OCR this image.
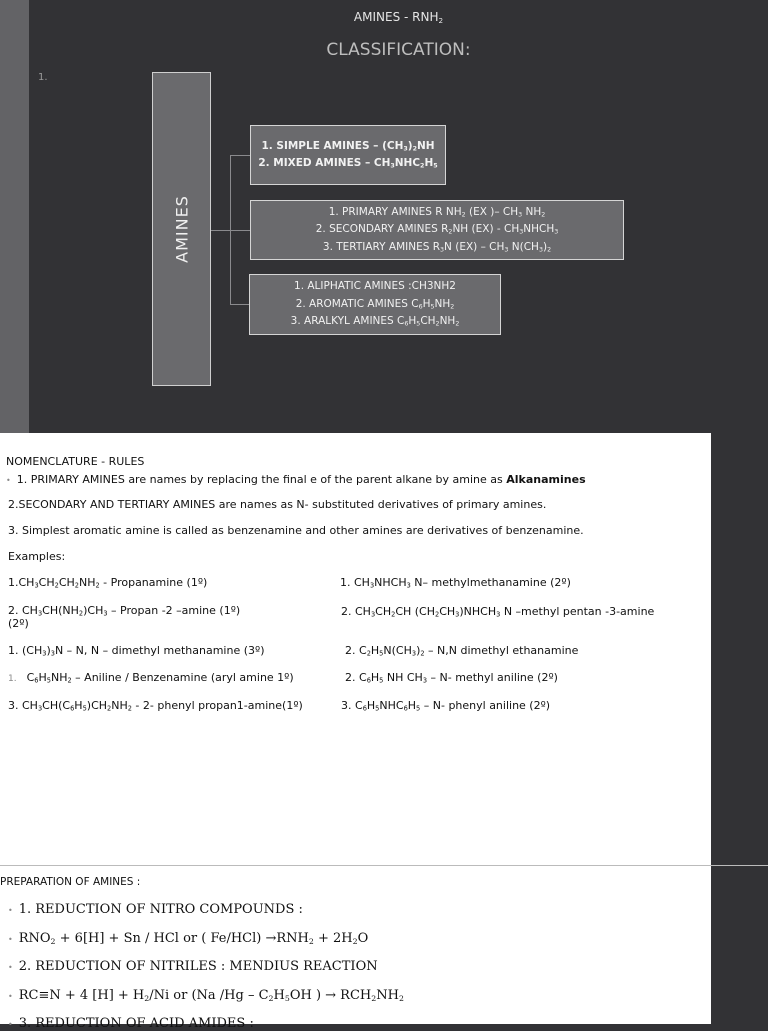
AMINES - $RNH_2$
CLASSIFICATION:
1.
AMINES
1. SIMPLE AMINES – $(CH_3)_2NH$
2. MIXED AMINES – $CH_3NHC_2H_5$
1. PRIMARY AMINES R $NH_2$ (EX )– $CH_3$ $NH_2$
2. SECONDARY AMINES $R_2NH$ $(EX) - CH_3NHCH_3$
3. TERTIARY AMINES $R_3N$ $(EX) - CH_3$ $N(CH_3)_2$
1. ALIPHATIC AMINES :CH3NH2
2. AROMATIC AMINES $C_6H_5NH_2$
3. ARALKYL AMINES $C_6H_5CH_2NH_2$
NOMENCLATURE - RULES
• 1. PRIMARY AMINES are names by replacing the final e of the parent alkane by amine as Alkanamines
2.SECONDARY AND TERTIARY AMINES are names as N- substituted derivatives of primary amines.
3. Simplest aromatic amine is called as benzenamine and other amines are derivatives of benzenamine.
Examples:
$1.CH_3CH_2CH_2NH_2$ - Propanamine (1º)
2. $CH_3CH(NH_2)CH_3$ – Propan -2 –amine (1º)
(2º)
1. $(CH_3)_3N$ – N, N – dimethyl methanamine (3º)
1. $C_6H_5NH_2$ – Aniline / Benzenamine (aryl amine 1º)
3. $CH_3CH(C_6H_5)CH_2NH_2 - 2-$ phenyl propan1-amine(1º)
1. $CH_3NHCH_3$ N– methylmethanamine (2º)
2. $CH_3CH_2CH$ $(CH_2CH_3)NHCH_3$ N –methyl pentan -3-amine
2. $C_2H_5N(CH_3)_2 - N,N$ dimethyl ethanamine
2. $C_6H_5$ NH $CH_3 - N-$ methyl aniline (2º)
3. $C_6H_5NHC_6H_5 - N-$ phenyl aniline (2º)
PREPARATION OF AMINES :
• 1. REDUCTION OF NITRO COMPOUNDS :
• $RNO_2 + 6[H] + Sn$ / HCl or ( $Fe/HCl) \to RNH_2 + 2H_2O$
• 2. REDUCTION OF NITRILES : MENDIUS REACTION
• RC≡N + 4 $[H] + H_2/Ni$ or (Na $/Hg - C_2H_5OH$ ) → $RCH_2NH_2$
• 3. REDUCTION OF ACID AMIDES :
